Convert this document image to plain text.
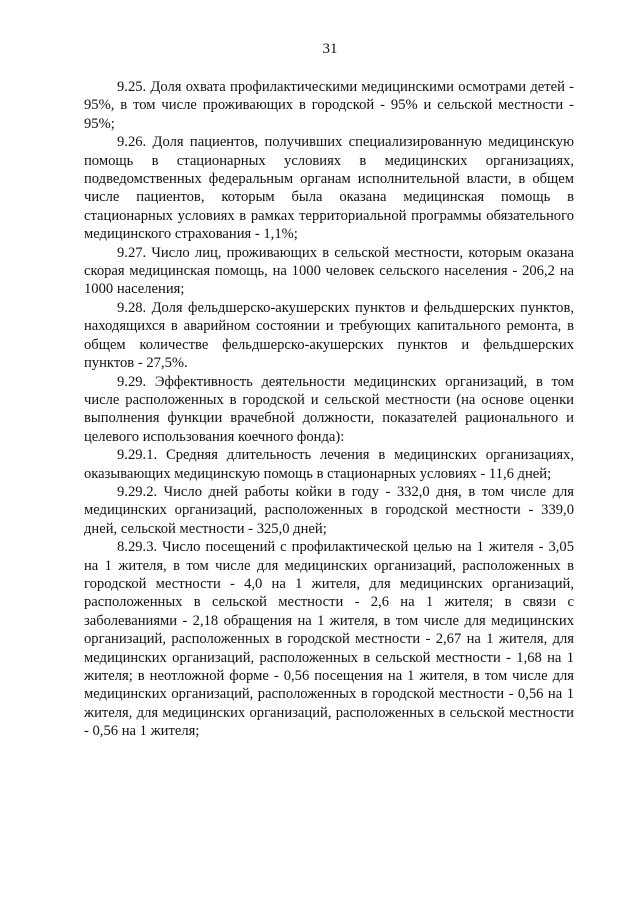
31

9.25. Доля охвата профилактическими медицинскими осмотрами детей - 95%, в том числе проживающих в городской - 95% и сельской местности - 95%;

9.26. Доля пациентов, получивших специализированную медицинскую помощь в стационарных условиях в медицинских организациях, подведомственных федеральным органам исполнительной власти, в общем числе пациентов, которым была оказана медицинская помощь в стационарных условиях в рамках территориальной программы обязательного медицинского страхования - 1,1%;

9.27. Число лиц, проживающих в сельской местности, которым оказана скорая медицинская помощь, на 1000 человек сельского населения - 206,2 на 1000 населения;

9.28. Доля фельдшерско-акушерских пунктов и фельдшерских пунктов, находящихся в аварийном состоянии и требующих капитального ремонта, в общем количестве фельдшерско-акушерских пунктов и фельдшерских пунктов - 27,5%.

9.29. Эффективность деятельности медицинских организаций, в том числе расположенных в городской и сельской местности (на основе оценки выполнения функции врачебной должности, показателей рационального и целевого использования коечного фонда):

9.29.1. Средняя длительность лечения в медицинских организациях, оказывающих медицинскую помощь в стационарных условиях - 11,6 дней;

9.29.2. Число дней работы койки в году - 332,0 дня, в том числе для медицинских организаций, расположенных в городской местности - 339,0 дней, сельской местности - 325,0 дней;

8.29.3. Число посещений с профилактической целью на 1 жителя - 3,05 на 1 жителя, в том числе для медицинских организаций, расположенных в городской местности - 4,0 на 1 жителя, для медицинских организаций, расположенных в сельской местности - 2,6 на 1 жителя; в связи с заболеваниями - 2,18 обращения на 1 жителя, в том числе для медицинских организаций, расположенных в городской местности - 2,67 на 1 жителя, для медицинских организаций, расположенных в сельской местности - 1,68 на 1 жителя; в неотложной форме - 0,56 посещения на 1 жителя, в том числе для медицинских организаций, расположенных в городской местности - 0,56 на 1 жителя, для медицинских организаций, расположенных в сельской местности - 0,56 на 1 жителя;
